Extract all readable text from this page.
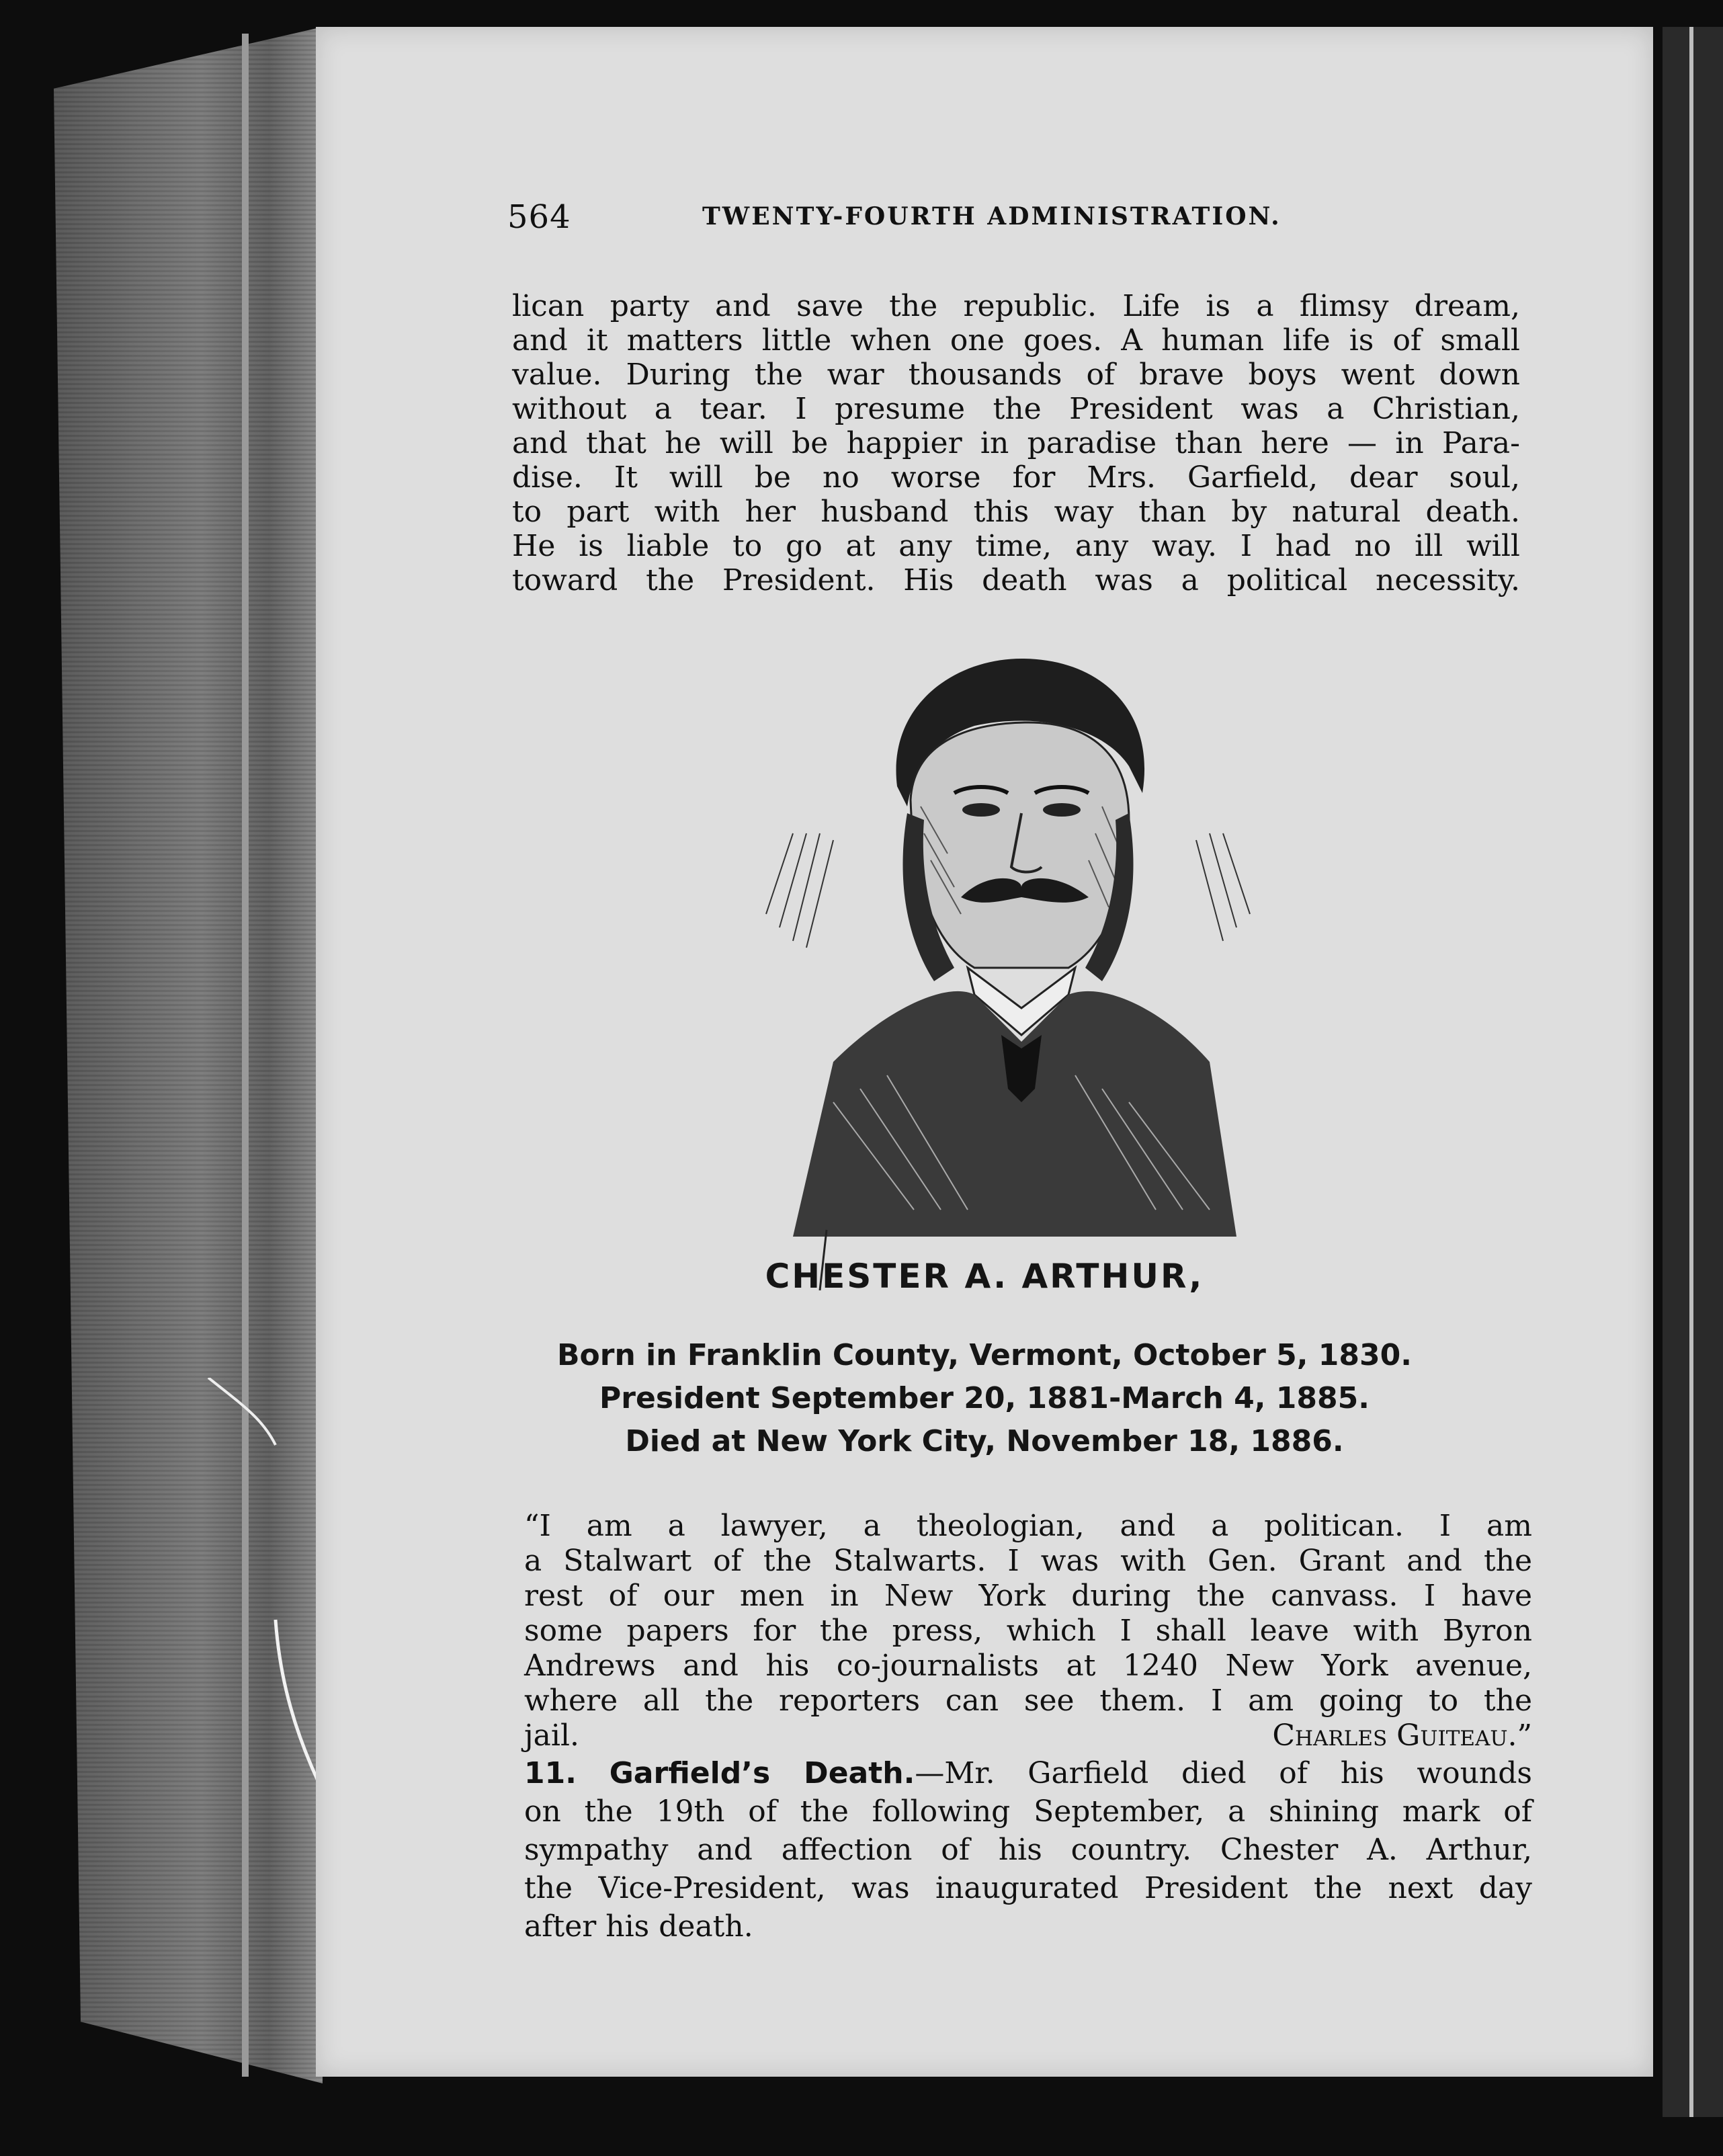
564	TWENTY-FOURTH ADMINISTRATION.

lican party and save the republic. Life is a flimsy dream,

and it matters little when one goes. A human life is of small

value. During the war thousands of brave boys went down

without a tear. I presume the President was a Christian,

and that he will be happier in paradise than here — in Para-

dise. It will be no worse for Mrs. Garfield, dear soul,

to part with her husband this way than by natural death.

He is liable to go at any time, any way. I had no ill will

toward the President. His death was a political necessity.

CHESTER A. ARTHUR,
Born in Franklin County, Vermont, October 5, 1830.
President September 20, 1881-March 4, 1885.
Died at New York City, November 18, 1886.

“I am a lawyer, a theologian, and a politican. I am

a Stalwart of the Stalwarts. I was with Gen. Grant and the

rest of our men in New York during the canvass. I have

some papers for the press, which I shall leave with Byron

Andrews and his co-journalists at 1240 New York avenue,

where all the reporters can see them. I am going to the

jail.	Charles Guiteau.”

11. Garfield’s Death.—Mr. Garfield died of his wounds

on the 19th of the following September, a shining mark of

sympathy and affection of his country. Chester A. Arthur,

the Vice-President, was inaugurated President the next day

after his death.
